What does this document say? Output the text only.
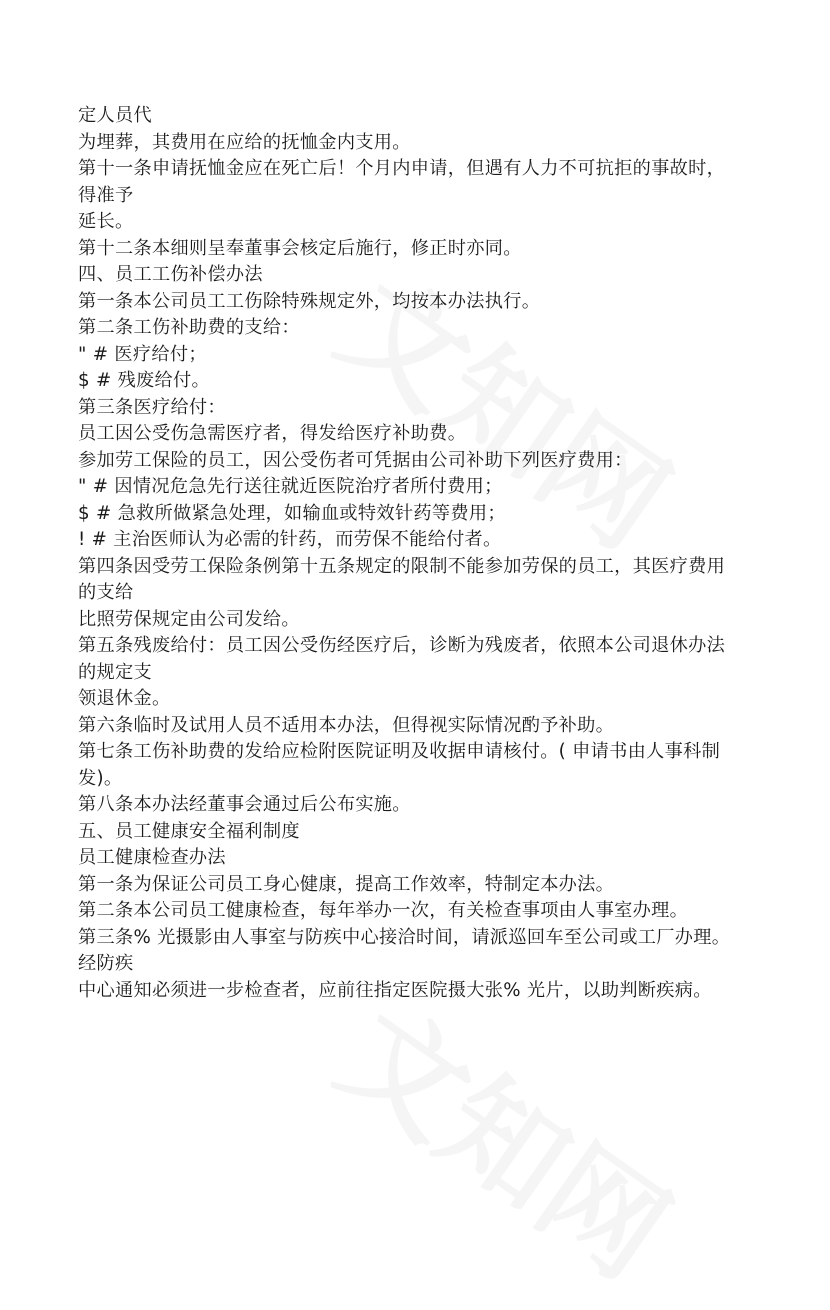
定人员代
为埋葬，其费用在应给的抚恤金内支用。
第十一条申请抚恤金应在死亡后！个月内申请，但遇有人力不可抗拒的事故时，
得准予
延长。
第十二条本细则呈奉董事会核定后施行，修正时亦同。
四、员工工伤补偿办法
第一条本公司员工工伤除特殊规定外，均按本办法执行。
第二条工伤补助费的支给：
" # 医疗给付；
$ # 残废给付。
第三条医疗给付：
员工因公受伤急需医疗者，得发给医疗补助费。
参加劳工保险的员工，因公受伤者可凭据由公司补助下列医疗费用：
" # 因情况危急先行送往就近医院治疗者所付费用；
$ # 急救所做紧急处理，如输血或特效针药等费用；
! # 主治医师认为必需的针药，而劳保不能给付者。
第四条因受劳工保险条例第十五条规定的限制不能参加劳保的员工，其医疗费用
的支给
比照劳保规定由公司发给。
第五条残废给付：员工因公受伤经医疗后，诊断为残废者，依照本公司退休办法
的规定支
领退休金。
第六条临时及试用人员不适用本办法，但得视实际情况酌予补助。
第七条工伤补助费的发给应检附医院证明及收据申请核付。( 申请书由人事科制
发)。
第八条本办法经董事会通过后公布实施。
五、员工健康安全福利制度
员工健康检查办法
第一条为保证公司员工身心健康，提高工作效率，特制定本办法。
第二条本公司员工健康检查，每年举办一次，有关检查事项由人事室办理。
第三条% 光摄影由人事室与防疾中心接洽时间，请派巡回车至公司或工厂办理。
经防疾
中心通知必须进一步检查者，应前往指定医院摄大张% 光片，以助判断疾病。
